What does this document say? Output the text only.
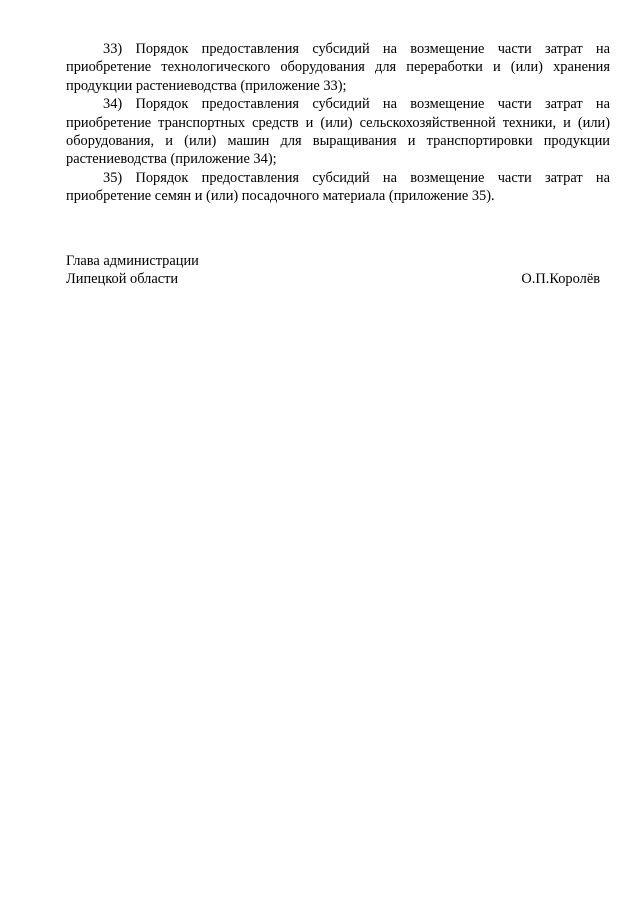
33) Порядок предоставления субсидий на возмещение части затрат на приобретение технологического оборудования для переработки и (или) хранения продукции растениеводства (приложение 33);

34) Порядок предоставления субсидий на возмещение части затрат на приобретение транспортных средств и (или) сельскохозяйственной техники, и (или) оборудования, и (или) машин для выращивания и транспортировки продукции растениеводства (приложение 34);

35) Порядок предоставления субсидий на возмещение части затрат на приобретение семян и (или) посадочного материала (приложение 35).

Глава администрации
Липецкой области	О.П.Королёв
